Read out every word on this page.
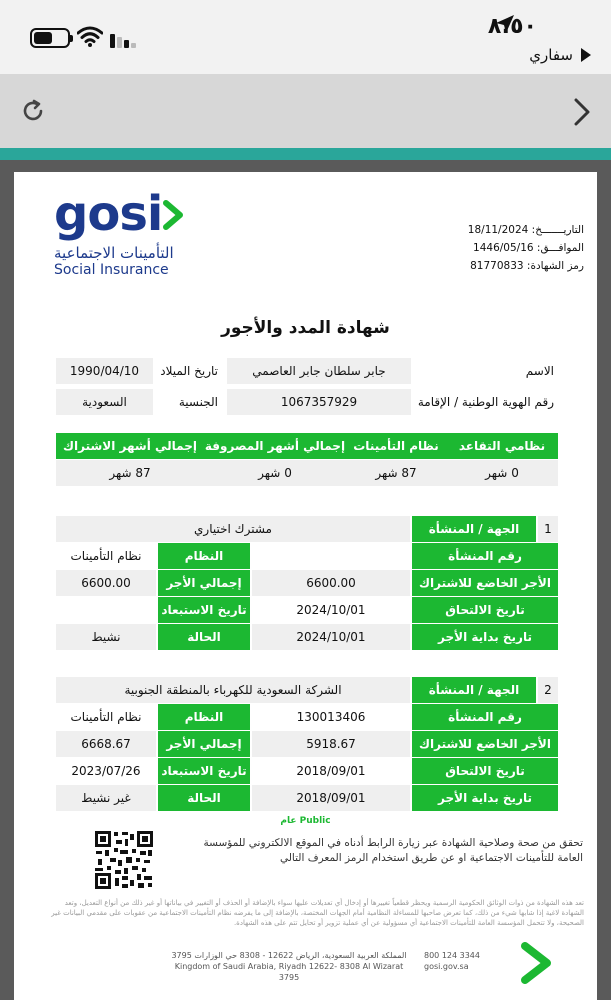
٨:٥٠
سفاري
gosi
التأمينات الاجتماعية
Social Insurance
التاريـــــــخ: 18/11/2024
الموافـــق: 1446/05/16
رمز الشهادة: 81770833
شهادة المدد والأجور
الاسم
جابر سلطان جابر العاصمي
تاريخ الميلاد
1990/04/10
رقم الهوية الوطنية / الإقامة
1067357929
الجنسية
السعودية
نظامي التقاعد
نظام التأمينات
إجمالي أشهر المصروفة
إجمالي أشهر الاشتراك
0 شهر
87 شهر
0 شهر
87 شهر
1
الجهة / المنشأة
مشترك اختياري
رقم المنشأة
النظام
نظام التأمينات
الأجر الخاضع للاشتراك
6600.00
إجمالي الأجر
6600.00
تاريخ الالتحاق
2024/10/01
تاريخ الاستبعاد
تاريخ بداية الأجر
2024/10/01
الحالة
نشيط
2
الجهة / المنشأة
الشركة السعودية للكهرباء بالمنطقة الجنوبية
رقم المنشأة
130013406
النظام
نظام التأمينات
الأجر الخاضع للاشتراك
5918.67
إجمالي الأجر
6668.67
تاريخ الالتحاق
2018/09/01
تاريخ الاستبعاد
2023/07/26
تاريخ بداية الأجر
2018/09/01
الحالة
غير نشيط
عام Public
تحقق من صحة وصلاحية الشهادة عبر زيارة الرابط أدناه في الموقع الالكتروني للمؤسسة العامة للتأمينات الاجتماعية او عن طريق استخدام الرمز المعرف التالي
تعد هذه الشهادة من ذوات الوثائق الحكومية الرسمية ويحظر قطعياً تغييرها أو إدخال أي تعديلات عليها سواء بالإضافة أو الحذف أو التغيير في بياناتها أو غير ذلك من أنواع التعديل، وتعد الشهادة لاغية إذا شابها شيء من ذلك، كما تعرض صاحبها للمساءلة النظامية أمام الجهات المختصة، بالإضافة إلى ما يفرضه نظام التأمينات الاجتماعية من عقوبات على مقدمي البيانات غير الصحيحة، ولا تتحمل المؤسسة العامة للتأمينات الاجتماعية أي مسؤولية عن أي عملية تزوير أو تحايل تتم على هذه الشهادة.
المملكة العربية السعودية، الرياض 12622 - 8308 حي الوزارات 3795
Kingdom of Saudi Arabia, Riyadh 12622- 8308 Al Wizarat 3795
800 124 3344
gosi.gov.sa
